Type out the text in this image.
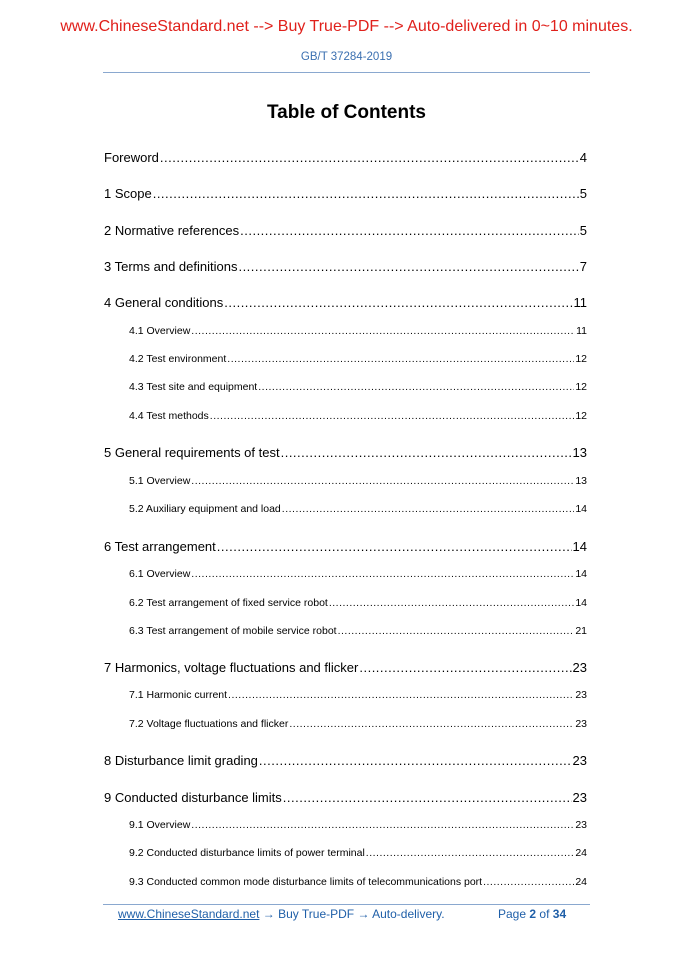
www.ChineseStandard.net --> Buy True-PDF --> Auto-delivered in 0~10 minutes.
GB/T 37284-2019
Table of Contents
Foreword .....	4
1 Scope .....	5
2 Normative references .....	5
3 Terms and definitions .....	7
4 General conditions .....	11
4.1 Overview .....	11
4.2 Test environment .....	12
4.3 Test site and equipment .....	12
4.4 Test methods .....	12
5 General requirements of test .....	13
5.1 Overview .....	13
5.2 Auxiliary equipment and load .....	14
6 Test arrangement .....	14
6.1 Overview .....	14
6.2 Test arrangement of fixed service robot .....	14
6.3 Test arrangement of mobile service robot .....	21
7 Harmonics, voltage fluctuations and flicker .....	23
7.1 Harmonic current .....	23
7.2 Voltage fluctuations and flicker .....	23
8 Disturbance limit grading .....	23
9 Conducted disturbance limits .....	23
9.1 Overview .....	23
9.2 Conducted disturbance limits of power terminal .....	24
9.3 Conducted common mode disturbance limits of telecommunications port .....	24
www.ChineseStandard.net → Buy True-PDF → Auto-delivery.	Page 2 of 34
